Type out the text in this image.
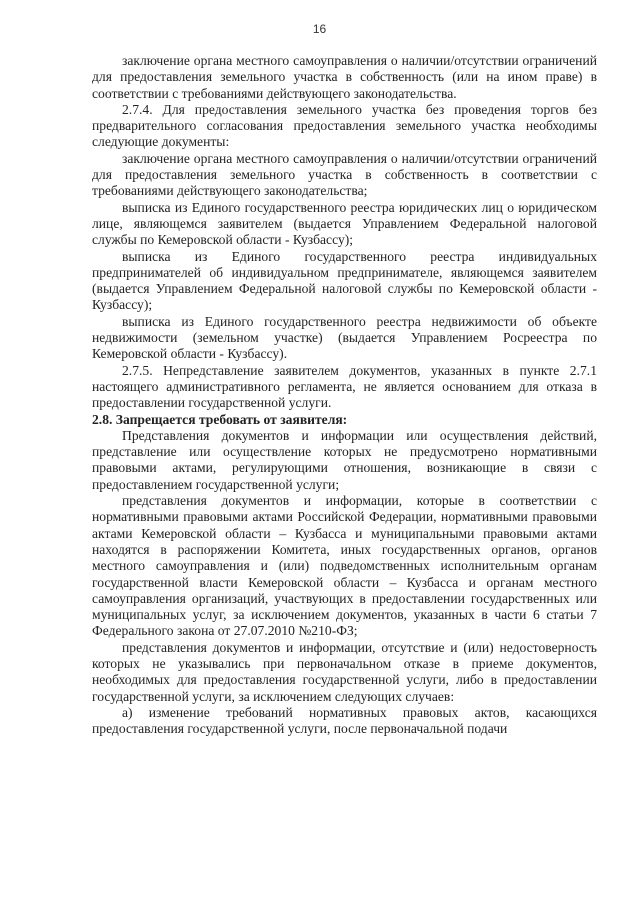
16

заключение органа местного самоуправления о наличии/отсутствии ограничений для предоставления земельного участка в собственность (или на ином праве) в соответствии с требованиями действующего законодательства.

2.7.4. Для предоставления земельного участка без проведения торгов без предварительного согласования предоставления земельного участка необходимы следующие документы:

заключение органа местного самоуправления о наличии/отсутствии ограничений для предоставления земельного участка в собственность в соответствии с требованиями действующего законодательства;

выписка из Единого государственного реестра юридических лиц о юридическом лице, являющемся заявителем (выдается Управлением Федеральной налоговой службы по Кемеровской области - Кузбассу);

выписка из Единого государственного реестра индивидуальных предпринимателей об индивидуальном предпринимателе, являющемся заявителем (выдается Управлением Федеральной налоговой службы по Кемеровской области - Кузбассу);

выписка из Единого государственного реестра недвижимости об объекте недвижимости (земельном участке) (выдается Управлением Росреестра по Кемеровской области - Кузбассу).

2.7.5. Непредставление заявителем документов, указанных в пункте 2.7.1 настоящего административного регламента, не является основанием для отказа в предоставлении государственной услуги.

2.8. Запрещается требовать от заявителя:

Представления документов и информации или осуществления действий, представление или осуществление которых не предусмотрено нормативными правовыми актами, регулирующими отношения, возникающие в связи с предоставлением государственной услуги;

представления документов и информации, которые в соответствии с нормативными правовыми актами Российской Федерации, нормативными правовыми актами Кемеровской области – Кузбасса и муниципальными правовыми актами находятся в распоряжении Комитета, иных государственных органов, органов местного самоуправления и (или) подведомственных исполнительным органам государственной власти Кемеровской области – Кузбасса и органам местного самоуправления организаций, участвующих в предоставлении государственных или муниципальных услуг, за исключением документов, указанных в части 6 статьи 7 Федерального закона от 27.07.2010 №210-ФЗ;

представления документов и информации, отсутствие и (или) недостоверность которых не указывались при первоначальном отказе в приеме документов, необходимых для предоставления государственной услуги, либо в предоставлении государственной услуги, за исключением следующих случаев:

а) изменение требований нормативных правовых актов, касающихся предоставления государственной услуги, после первоначальной подачи
